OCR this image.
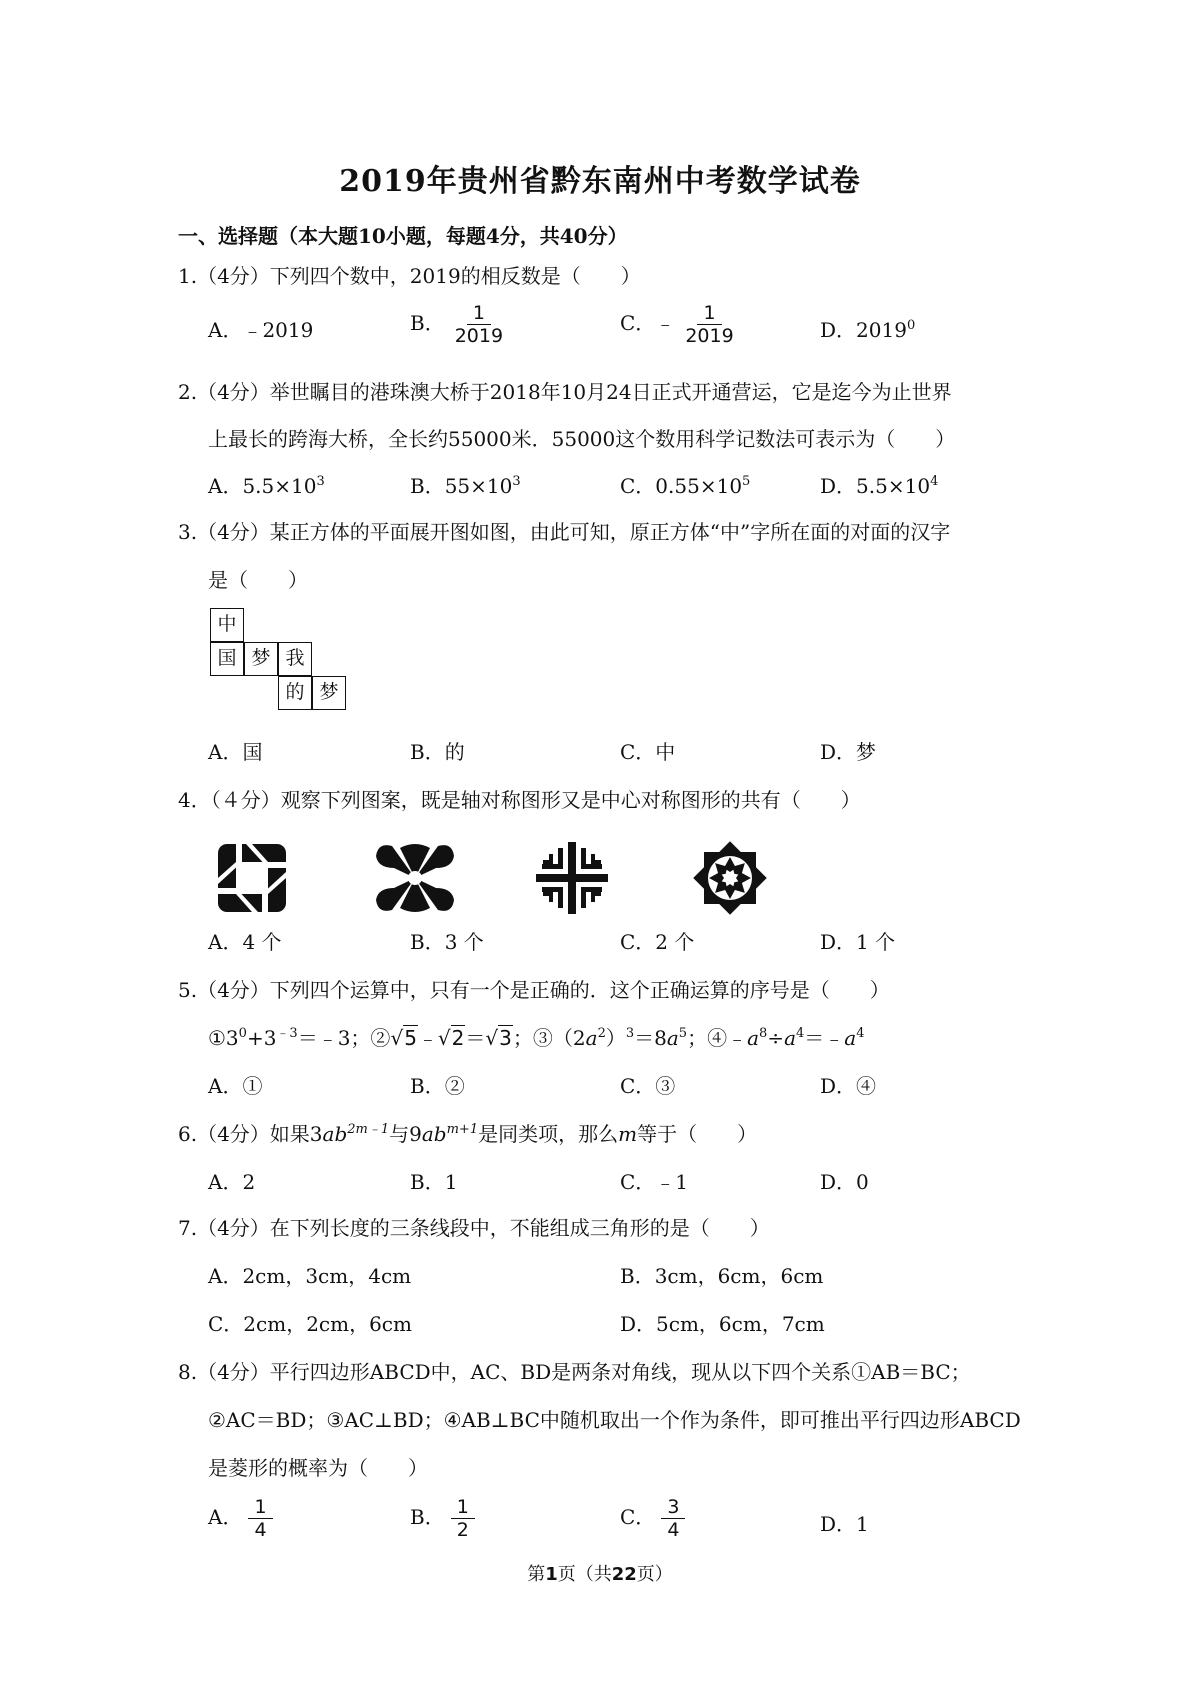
2019年贵州省黔东南州中考数学试卷
一、选择题（本大题10小题，每题4分，共40分）
1.（4分）下列四个数中，2019的相反数是（　　）
A．﹣2019	B． $\frac{1}{2019}$	C．﹣ $\frac{1}{2019}$	D．2019$^0$
2.（4分）举世瞩目的港珠澳大桥于2018年10月24日正式开通营运，它是迄今为止世界
上最长的跨海大桥，全长约55000米．55000这个数用科学记数法可表示为（　　）
A．$5.5\times 10^3$	B．$55\times 10^3$	C．$0.55\times 10^5$	D．$5.5\times 10^4$
3.（4分）某正方体的平面展开图如图，由此可知，原正方体“中”字所在面的对面的汉字
是（　　）
中
国 梦 我
的 梦
A．国	B．的	C．中	D．梦
4．（４分）观察下列图案，既是轴对称图形又是中心对称图形的共有（　　）
A．4 个	B．3 个	C．2 个	D．1 个
5.（4分）下列四个运算中，只有一个是正确的．这个正确运算的序号是（　　）
$①3^0+3^{﹣3}=﹣3$；②√5﹣√2＝√3；$③(2a^2)^3=8a^5$；$④﹣a^8\div a^4=﹣a^4$
A．①	B．②	C．③	D．④
6.（4分）如果$3ab^{2m﹣1}$与$9ab^{m+1}$是同类项，那么m等于（　　）
A．2	B．1	C．﹣1	D．0
7.（4分）在下列长度的三条线段中，不能组成三角形的是（　　）
A．2cm，3cm，4cm	B．3cm，6cm，6cm
C．2cm，2cm，6cm	D．5cm，6cm，7cm
8.（4分）平行四边形ABCD中，AC、BD是两条对角线，现从以下四个关系①AB＝BC；
②AC＝BD；③AC⊥BD；④AB⊥BC中随机取出一个作为条件，即可推出平行四边形ABCD
是菱形的概率为（　　）
A． $\frac{1}{4}$	B． $\frac{1}{2}$	C． $\frac{3}{4}$	D．1
第1页（共22页）
